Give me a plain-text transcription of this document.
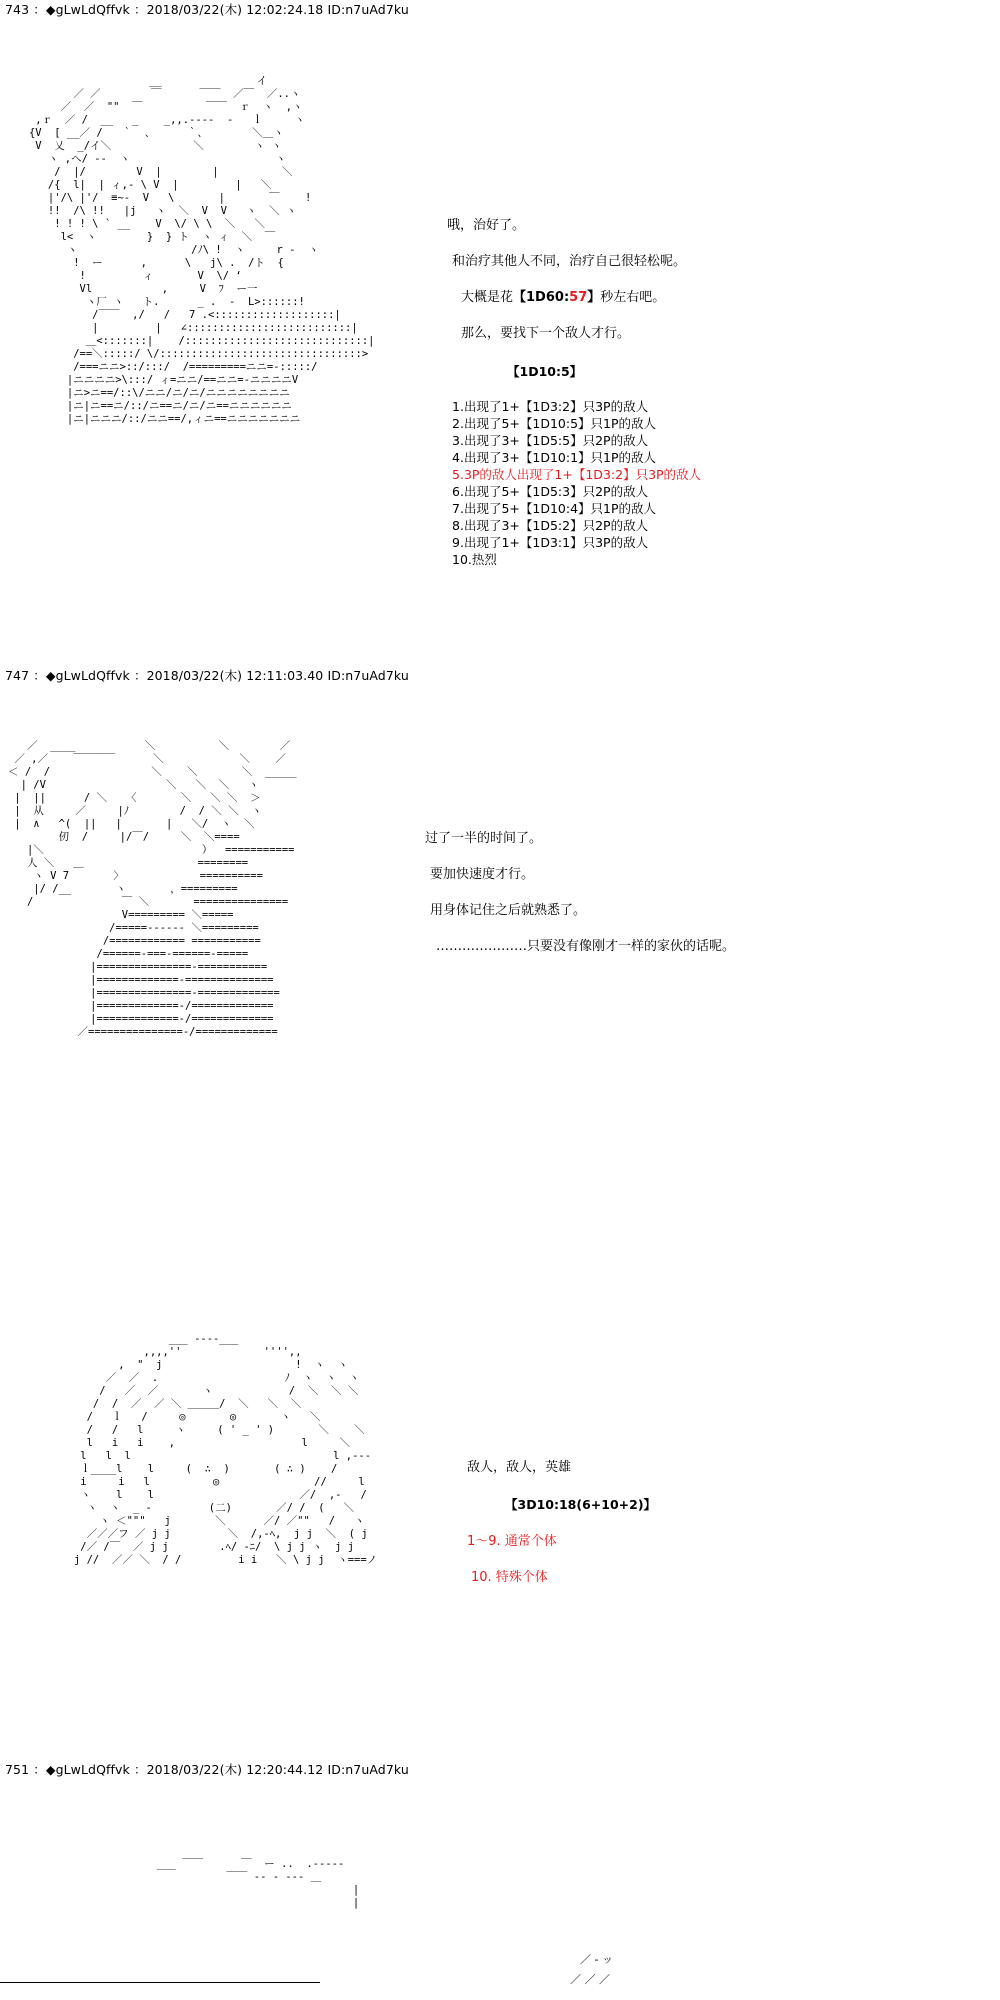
743 ：◆gLwLdQffvk ：2018/03/22(木) 12:02:24.18 ID:n7uAd7ku
__               イ
／ ／        ￣      ￣￣  ／￣  ／..ヽ
／  ／  ""  ￣          ￣￣  ｒ  ヽ  ,ヽ
,ｒ  ／ /  __   _    _,,.----  -   ｌ     ヽ
{V  [ __／ /   ｀  、     ｀、       ＼＿ヽ
V  乂  _/イ＼             ＼        ヽ ヽ
ヽ ,へ/ --  ヽ                       ヽ
/  |/        V  |        |          ＼
/{  l|  | ィ,- \ V  |         |   ＼
|'/\ |'/  ≡~-  V   \       |       ￣    !
!!  /\ !!   |j   ヽ  ＼  V  V   ヽ  ＼ ヽ
! ! ! \ ` __    V  \/ \ \  ＼   ＼
l<  ヽ        }  } ト  ヽ ィ  ＼  ￣
ヽ                  /ﾉ\ !  ヽ     r ‐  ヽ
!  ー      ,      \   j\ .  /ト  {
!         ィ       V  \/ ‘
Vl           ,     V  ﾌ  ー一
ヽ厂 ヽ   ト.      _ .  -  L>::::::!
/￣￣  ,/   /   7 .<:::::::::::::::::::|
|         |   ∠::::::::::::::::::::::::::|
＿<:::::::|    /:::::::::::::::::::::::::::::|
/==＼:::::/ \/::::::::::::::::::::::::::::::::>
/===ニニ>::/:::/  /=========ニニ=-:::::/
|ニニニニ>\:::/ ィ=ニニ/==ニニ=-ニニニニV
|ニ>ニ==/::\/ニニ/ニ/ニ/ニニニニニニニニ
|ニ|ニ==ニ/::/ニ==ニ/ニ/ニ==ニニニニニニ
|ニ|ニニニ/::/ニニ==/,ィニ==ニニニニニニニ
哦，治好了。
和治疗其他人不同，治疗自己很轻松呢。
大概是花【1D60:57】秒左右吧。
那么，要找下一个敌人才行。
【1D10:5】
1.出现了1+【1D3:2】只3P的敌人
2.出现了5+【1D10:5】只1P的敌人
3.出现了3+【1D5:5】只2P的敌人
4.出现了3+【1D10:1】只1P的敌人
5.3P的敌人出现了1+【1D3:2】只3P的敌人
6.出现了5+【1D5:3】只2P的敌人
7.出现了5+【1D10:4】只1P的敌人
8.出现了3+【1D5:2】只2P的敌人
9.出现了1+【1D3:1】只3P的敌人
10.热烈
747 ：◆gLwLdQffvk ：2018/03/22(木) 12:11:03.40 ID:n7uAd7ku
／  ____           ＼          ＼        ／
／ ,／    ￣￣￣￣      ＼            ＼    ／
＜ /  /                ＼    ＼       ＼  _____
| /V                   ＼   ＼  ＼   ヽ
|  ||      / ＼   〈       ＼   ＼ ＼  ＞
|  从     ／     |ﾉ        /  / ＼ ＼  ヽ
|  ∧   ^(  ||   |       |   ＼/  ヽ  ＼
仞  /     |/￣/     ＼  ＼====
|＼                         ）  ===========
人 ＼   ＿                  ========
ヽ V 7       〉            ==========
|/ /__       ヽ       ，=========
/              ￣ ＼       ===============
V========= ＼=====
/=====------ ＼=========
/============ ===========
/======-===-======-=====
|===============-===========
|=============-==============
|===============-=============
|=============-/=============
|=============-/=============
／===============-/=============
过了一半的时间了。
要加快速度才行。
用身体记住之后就熟悉了。
…………………只要没有像刚才一样的家伙的话呢。
___ ----___
,,,,''             '''',,
,  "  j                     !  ヽ  ヽ
／  ／  .                    ﾉ  ヽ  ヽ  ヽ
/   ／  ／       ヽ            /  ＼  ＼ ＼
/  /  ／  ／ ＼ ＿＿＿/  ＼   ＼  ＼
/   ｌ   /     ◎       ◎       ヽ   ＼
/   /   l     ヽ     ( ' _ ' )       ＼    ＼
l   i   i    ,                    l     ＼
l   l  l                                l ,---
ｌ____l    l     (  ∴  )       ( ∴ )    /
i     i   l          ◎               //     l
ヽ    l    l                       ／/  ,-   /
ヽ  ヽ  _ -         (二)       ／/ /  (   ＼
ヽ ＜"""   j       ＼      ／/ ／""   /   ヽ
／／／フ ／ j j         ＼  /,-ﾍ,  j j  ＼  ( j
/／ /￣  ／ j j        .ﾍ/ -ﾆ/  \ j j ヽ  j j
j //  ／／ ＼  / /         i i   ＼ \ j j  ヽ===ノ
敌人，敌人，英雄
【3D10:18(6+10+2)】
1～9. 通常个体
10. 特殊个体
751 ：◆gLwLdQffvk ：2018/03/22(木) 12:20:44.12 ID:n7uAd7ku
___ ￣￣      ￣  ー ..  .-----
￣￣ ‐‐ ‐ ‐‐‐ ＿
|
|
／ ‐ ッ
／ ／ ／
